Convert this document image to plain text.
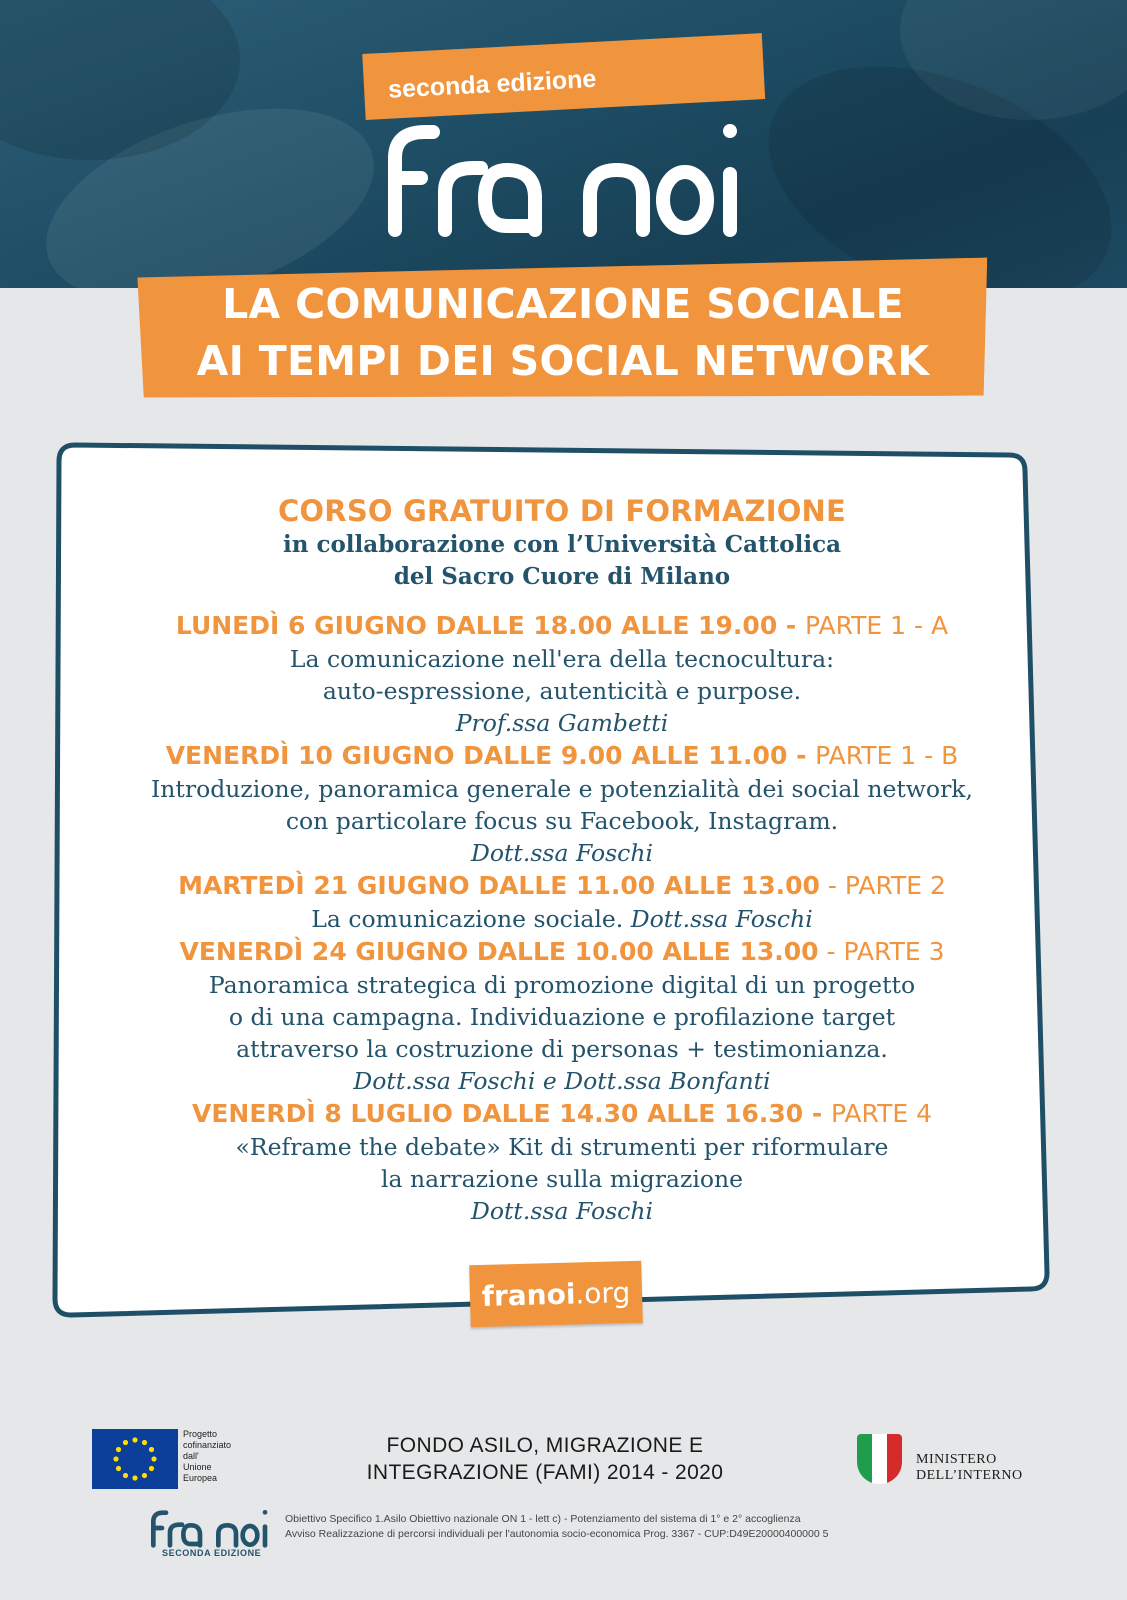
seconda edizione
LA COMUNICAZIONE SOCIALE
AI TEMPI DEI SOCIAL NETWORK
CORSO GRATUITO DI FORMAZIONE
in collaborazione con l’Università Cattolica
del Sacro Cuore di Milano
LUNEDÌ 6 GIUGNO DALLE 18.00 ALLE 19.00 - PARTE 1 - A
La comunicazione nell'era della tecnocultura:
auto-espressione, autenticità e purpose.
Prof.ssa Gambetti
VENERDÌ 10 GIUGNO DALLE 9.00 ALLE 11.00 - PARTE 1 - B
Introduzione, panoramica generale e potenzialità dei social network,
con particolare focus su Facebook, Instagram.
Dott.ssa Foschi
MARTEDÌ 21 GIUGNO DALLE 11.00 ALLE 13.00 - PARTE 2
La comunicazione sociale. Dott.ssa Foschi
VENERDÌ 24 GIUGNO DALLE 10.00 ALLE 13.00 - PARTE 3
Panoramica strategica di promozione digital di un progetto
o di una campagna. Individuazione e profilazione target
attraverso la costruzione di personas + testimonianza.
Dott.ssa Foschi e Dott.ssa Bonfanti
VENERDÌ 8 LUGLIO DALLE 14.30 ALLE 16.30 - PARTE 4
«Reframe the debate» Kit di strumenti per riformulare
la narrazione sulla migrazione
Dott.ssa Foschi
franoi.org
Progetto
cofinanziato
dall'
Unione
Europea
FONDO ASILO, MIGRAZIONE E
INTEGRAZIONE (FAMI) 2014 - 2020
MINISTERO
DELL’INTERNO
SECONDA EDIZIONE
Obiettivo Specifico 1.Asilo Obiettivo nazionale ON 1 - lett c) - Potenziamento del sistema di 1° e 2° accoglienza
Avviso Realizzazione di percorsi individuali per l'autonomia socio-economica Prog. 3367 - CUP:D49E20000400000 5
